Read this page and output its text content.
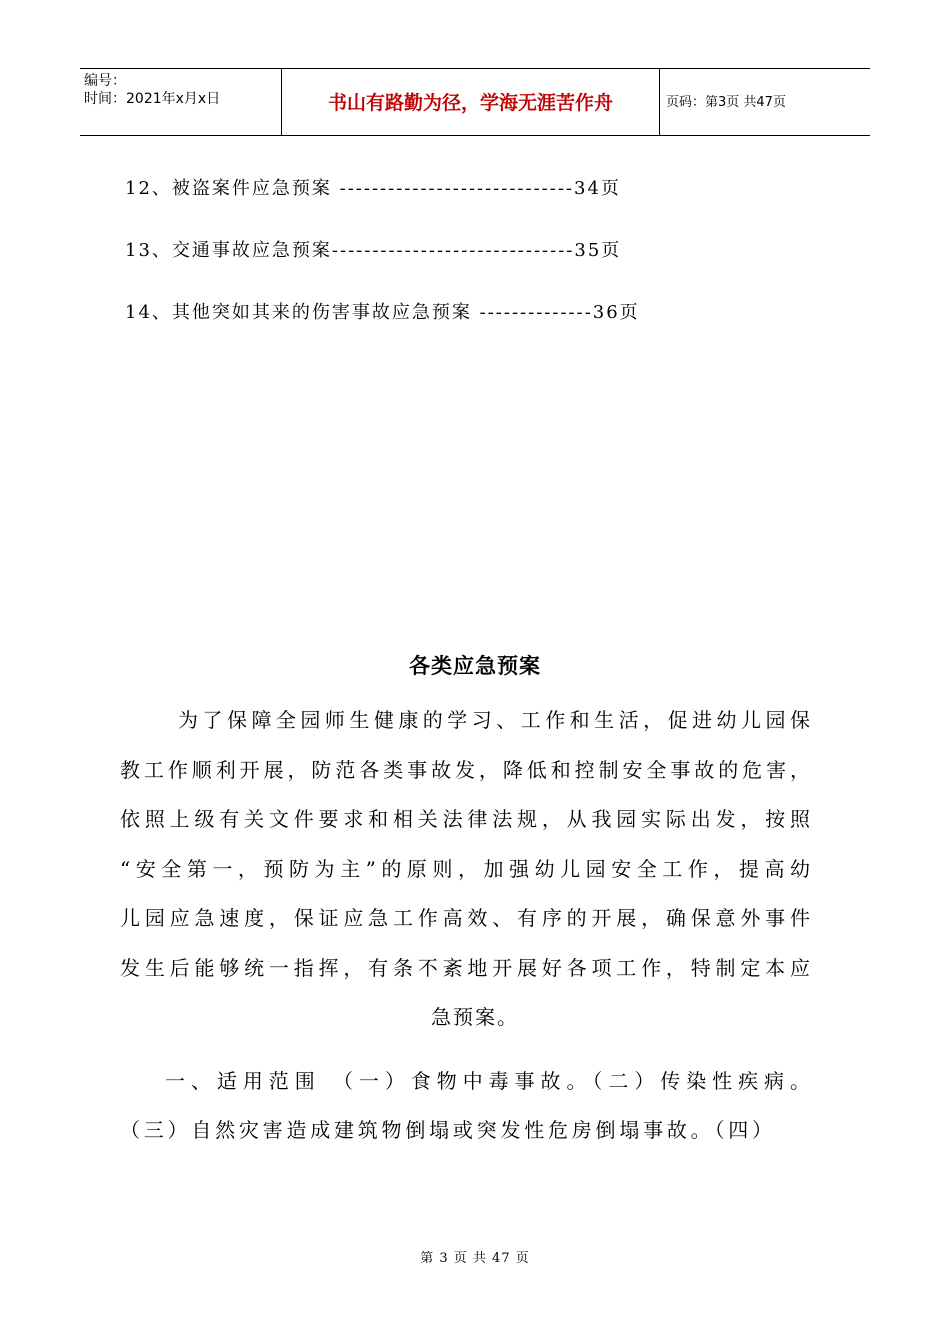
编号：
时间：2021年x月x日	书山有路勤为径，学海无涯苦作舟	页码：第3页 共47页
12、被盗案件应急预案 -----------------------------34页
13、交通事故应急预案------------------------------35页
14、其他突如其来的伤害事故应急预案 --------------36页
各类应急预案
为了保障全园师生健康的学习、工作和生活，促进幼儿园保
教工作顺利开展，防范各类事故发，降低和控制安全事故的危害，
依照上级有关文件要求和相关法律法规，从我园实际出发，按照
“安全第一，预防为主”的原则，加强幼儿园安全工作，提高幼
儿园应急速度，保证应急工作高效、有序的开展，确保意外事件
发生后能够统一指挥，有条不紊地开展好各项工作，特制定本应
急预案。
一、适用范围 （一）食物中毒事故。（二）传染性疾病。
（三）自然灾害造成建筑物倒塌或突发性危房倒塌事故。（四）
第 3 页 共 47 页
